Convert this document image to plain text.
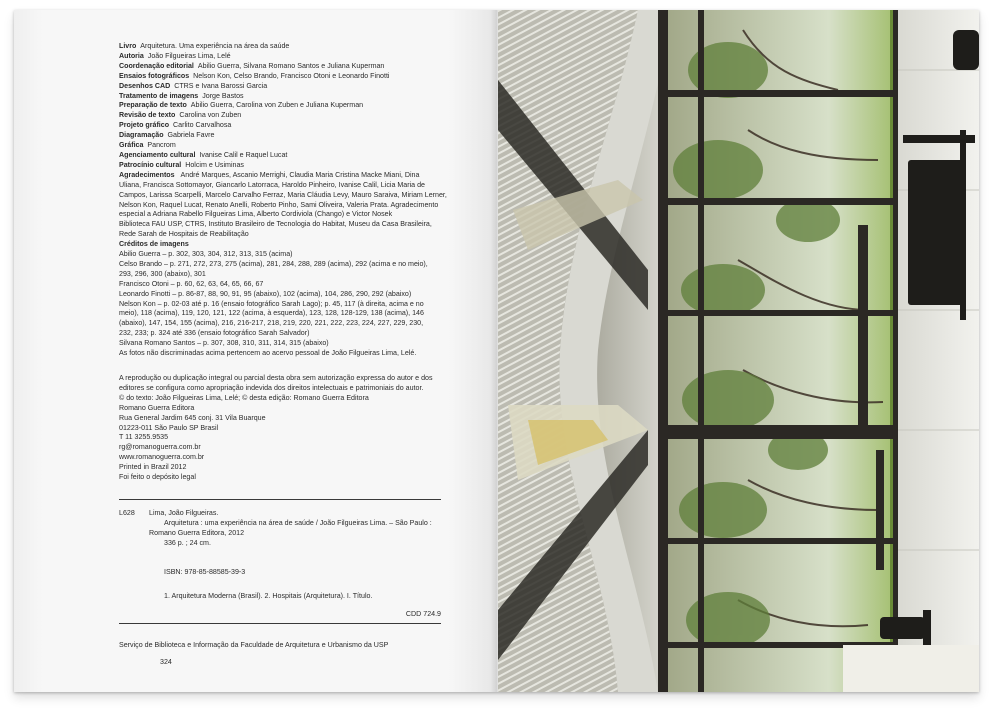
Livro Arquitetura. Uma experiência na área da saúde
Autoria João Filgueiras Lima, Lelé
Coordenação editorial Abilio Guerra, Silvana Romano Santos e Juliana Kuperman
Ensaios fotográficos Nelson Kon, Celso Brando, Francisco Otoni e Leonardo Finotti
Desenhos CAD CTRS e Ivana Barossi Garcia
Tratamento de imagens Jorge Bastos
Preparação de texto Abilio Guerra, Carolina von Zuben e Juliana Kuperman
Revisão de texto Carolina von Zuben
Projeto gráfico Carlito Carvalhosa
Diagramação Gabriela Favre
Gráfica Pancrom
Agenciamento cultural Ivanise Calil e Raquel Lucat
Patrocínio cultural Holcim e Usiminas
Agradecimentos André Marques, Ascanio Merrighi, Claudia Maria Cristina Macke Miani, Dina
Uliana, Francisca Sottomayor, Giancarlo Latorraca, Haroldo Pinheiro, Ivanise Calil, Licia Maria de
Campos, Larissa Scarpelli, Marcelo Carvalho Ferraz, Maria Cláudia Levy, Mauro Saraiva, Miriam Lerner,
Nelson Kon, Raquel Lucat, Renato Anelli, Roberto Pinho, Sami Oliveira, Valeria Prata. Agradecimento
especial a Adriana Rabello Filgueiras Lima, Alberto Cordiviola (Chango) e Victor Nosek
Biblioteca FAU USP, CTRS, Instituto Brasileiro de Tecnologia do Habitat, Museu da Casa Brasileira,
Rede Sarah de Hospitais de Reabilitação
Créditos de imagens
Abilio Guerra – p. 302, 303, 304, 312, 313, 315 (acima)
Celso Brando – p. 271, 272, 273, 275 (acima), 281, 284, 288, 289 (acima), 292 (acima e no meio),
293, 296, 300 (abaixo), 301
Francisco Otoni – p. 60, 62, 63, 64, 65, 66, 67
Leonardo Finotti – p. 86-87, 88, 90, 91, 95 (abaixo), 102 (acima), 104, 286, 290, 292 (abaixo)
Nelson Kon – p. 02-03 até p. 16 (ensaio fotográfico Sarah Lago); p. 45, 117 (à direita, acima e no
meio), 118 (acima), 119, 120, 121, 122 (acima, à esquerda), 123, 128, 128-129, 138 (acima), 146
(abaixo), 147, 154, 155 (acima), 216, 216-217, 218, 219, 220, 221, 222, 223, 224, 227, 229, 230,
232, 233; p. 324 até 336 (ensaio fotográfico Sarah Salvador)
Silvana Romano Santos – p. 307, 308, 310, 311, 314, 315 (abaixo)
As fotos não discriminadas acima pertencem ao acervo pessoal de João Filgueiras Lima, Lelé.
A reprodução ou duplicação integral ou parcial desta obra sem autorização expressa do autor e dos
editores se configura como apropriação indevida dos direitos intelectuais e patrimoniais do autor.
© do texto: João Filgueiras Lima, Lelé; © desta edição: Romano Guerra Editora
Romano Guerra Editora
Rua General Jardim 645 conj. 31 Vila Buarque
01223-011 São Paulo SP Brasil
T 11 3255.9535
rg@romanoguerra.com.br
www.romanoguerra.com.br
Printed in Brazil 2012
Foi feito o depósito legal
L628 Lima, João Filgueiras.
Arquitetura : uma experiência na área de saúde / João Filgueiras Lima. – São Paulo :
Romano Guerra Editora, 2012
336 p. ; 24 cm.
ISBN: 978-85-88585-39-3
1. Arquitetura Moderna (Brasil). 2. Hospitais (Arquitetura). I. Título.
CDD 724.9
Serviço de Biblioteca e Informação da Faculdade de Arquitetura e Urbanismo da USP
324
